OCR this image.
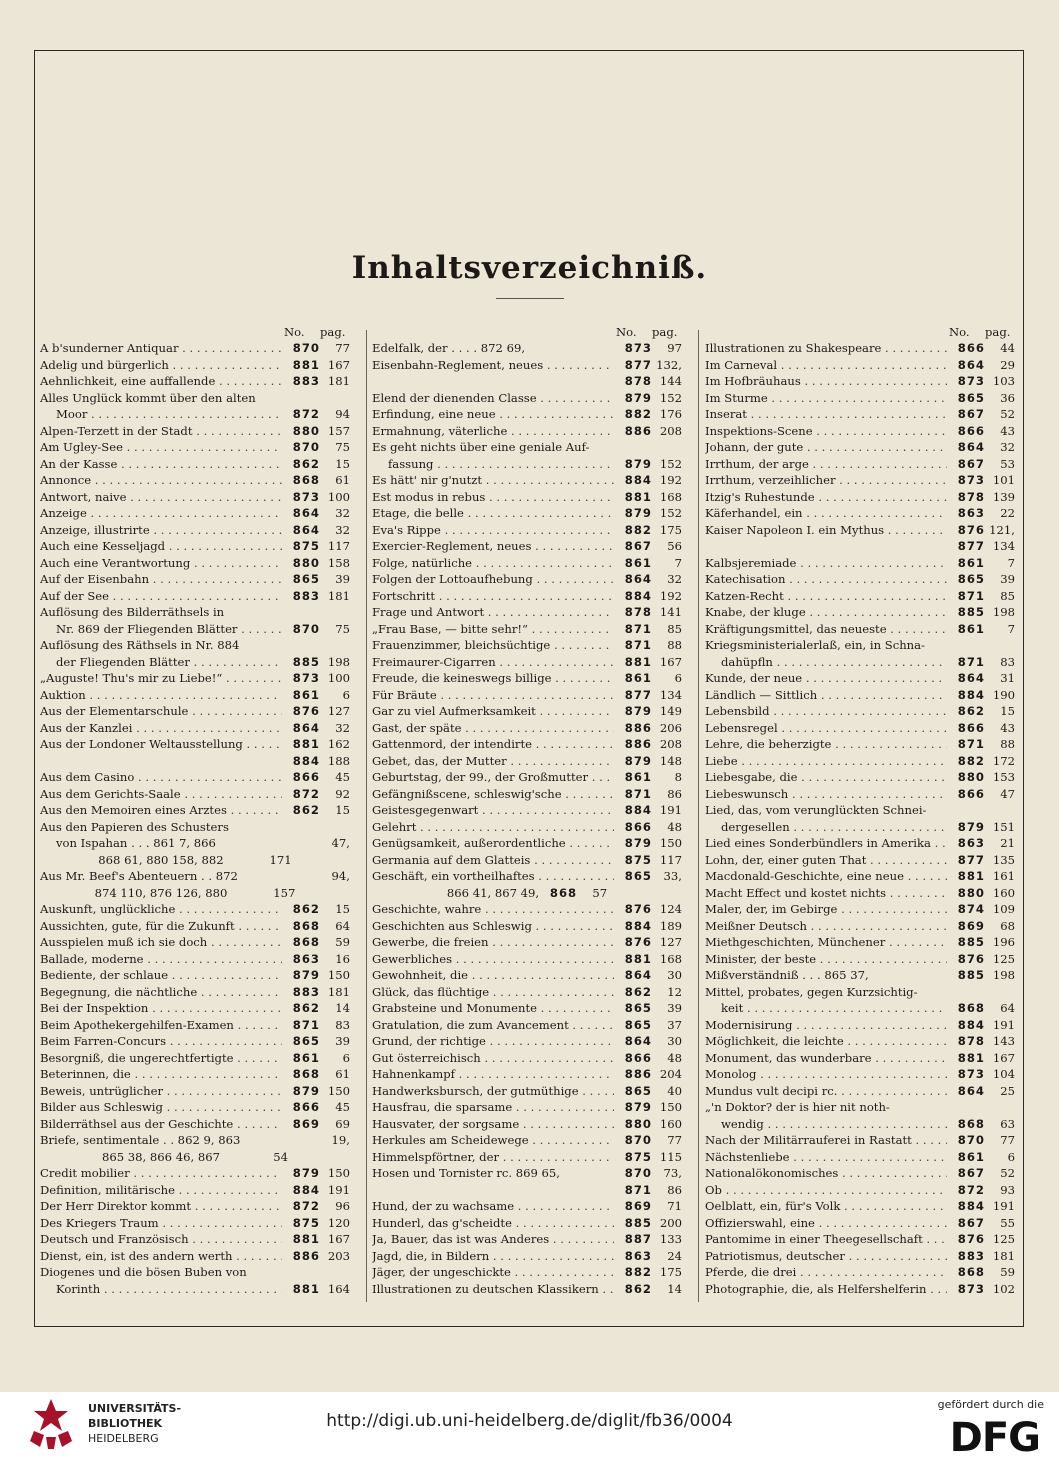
Inhaltsverzeichniß.
No.	pag.
A b'sunderner Antiquar . . .	870	77
Adelig und bürgerlich . . .	881 167
Aehnlichkeit, eine auffallende . . .	883 181
Alles Unglück kommt über den alten
Moor . . .	872	94
Alpen-Terzett in der Stadt . . .	880 157
Am Ugley-See . . .	870	75
An der Kasse . . .	862	15
Annonce . . .	868	61
Antwort, naive . . .	873 100
Anzeige . . .	864	32
Anzeige, illustrirte . . .	864	32
Auch eine Kesseljagd . . .	875 117
Auch eine Verantwortung . . .	880 158
Auf der Eisenbahn . . .	865	39
Auf der See . . .	883 181
Auflösung des Bilderräthsels in
Nr. 869 der Fliegenden Blätter . . .	870	75
Auflösung des Räthsels in Nr. 884
der Fliegenden Blätter . . .	885 198
„Auguste! Thu's mir zu Liebe!“ . . .	873 100
Auktion . . .	861	6
Aus der Elementarschule . . .	876 127
Aus der Kanzlei . . .	864	32
Aus der Londoner Weltausstellung . . .	881 162
884 188
Aus dem Casino . . .	866	45
Aus dem Gerichts-Saale . . .	872	92
Aus den Memoiren eines Arztes . . .	862	15
Aus den Papieren des Schusters
von Ispahan . . . 861 7, 866	47,
868 61, 880 158, 882	171
Aus Mr. Beef's Abenteuern . . 872	94,
874 110, 876 126, 880	157
Auskunft, unglückliche . . .	862	15
Aussichten, gute, für die Zukunft . . .	868	64
Ausspielen muß ich sie doch . . .	868	59
Ballade, moderne . . .	863	16
Bediente, der schlaue . . .	879 150
Begegnung, die nächtliche . . .	883 181
Bei der Inspektion . . .	862	14
Beim Apothekergehilfen-Examen . . .	871	83
Beim Farren-Concurs . . .	865	39
Besorgniß, die ungerechtfertigte . . .	861	6
Beterinnen, die . . .	868	61
Beweis, untrüglicher . . .	879 150
Bilder aus Schleswig . . .	866	45
Bilderräthsel aus der Geschichte . . .	869	69
Briefe, sentimentale . . 862 9, 863	19,
865 38, 866 46, 867	54
Credit mobilier . . .	879 150
Definition, militärische . . .	884 191
Der Herr Direktor kommt . . .	872	96
Des Kriegers Traum . . .	875 120
Deutsch und Französisch . . .	881 167
Dienst, ein, ist des andern werth . . .	886 203
Diogenes und die bösen Buben von
Korinth . . .	881 164
No.	pag.
Edelfalk, der . . . . 872 69,	873	97
Eisenbahn-Reglement, neues . . .	877 132,
878 144
Elend der dienenden Classe . . .	879 152
Erfindung, eine neue . . .	882 176
Ermahnung, väterliche . . .	886 208
Es geht nichts über eine geniale Auf-
fassung . . .	879 152
Es hätt' nir g'nutzt . . .	884 192
Est modus in rebus . . .	881 168
Etage, die belle . . .	879 152
Eva's Rippe . . .	882 175
Exercier-Reglement, neues . . .	867	56
Folge, natürliche . . .	861	7
Folgen der Lottoaufhebung . . .	864	32
Fortschritt . . .	884 192
Frage und Antwort . . .	878 141
„Frau Base, — bitte sehr!“ . . .	871	85
Frauenzimmer, bleichsüchtige . . .	871	88
Freimaurer-Cigarren . . .	881 167
Freude, die keineswegs billige . . .	861	6
Für Bräute . . .	877 134
Gar zu viel Aufmerksamkeit . . .	879 149
Gast, der späte . . .	886 206
Gattenmord, der intendirte . . .	886 208
Gebet, das, der Mutter . . .	879 148
Geburtstag, der 99., der Großmutter . . .	861	8
Gefängnißscene, schleswig'sche . . .	871	86
Geistesgegenwart . . .	884 191
Gelehrt . . .	866	48
Genügsamkeit, außerordentliche . . .	879 150
Germania auf dem Glatteis . . .	875 117
Geschäft, ein vortheilhaftes . . .	865 33,
866 41, 867 49, 868	57
Geschichte, wahre . . .	876 124
Geschichten aus Schleswig . . .	884 189
Gewerbe, die freien . . .	876 127
Gewerbliches . . .	881 168
Gewohnheit, die . . .	864	30
Glück, das flüchtige . . .	862	12
Grabsteine und Monumente . . .	865	39
Gratulation, die zum Avancement . . .	865	37
Grund, der richtige . . .	864	30
Gut österreichisch . . .	866	48
Hahnenkampf . . .	886 204
Handwerksbursch, der gutmüthige . . .	865	40
Hausfrau, die sparsame . . .	879 150
Hausvater, der sorgsame . . .	880 160
Herkules am Scheidewege . . .	870	77
Himmelspförtner, der . . .	875 115
Hosen und Tornister rc. 869 65,	870 73,
871	86
Hund, der zu wachsame . . .	869	71
Hunderl, das g'scheidte . . .	885 200
Ja, Bauer, das ist was Anderes . . .	887 133
Jagd, die, in Bildern . . .	863	24
Jäger, der ungeschickte . . .	882 175
Illustrationen zu deutschen Klassikern . . .	862	14
No.	pag.
Illustrationen zu Shakespeare . . .	866	44
Im Carneval . . .	864	29
Im Hofbräuhaus . . .	873 103
Im Sturme . . .	865	36
Inserat . . .	867	52
Inspektions-Scene . . .	866	43
Johann, der gute . . .	864	32
Irrthum, der arge . . .	867	53
Irrthum, verzeihlicher . . .	873 101
Itzig's Ruhestunde . . .	878 139
Käferhandel, ein . . .	863	22
Kaiser Napoleon I. ein Mythus . . .	876 121,
877 134
Kalbsjeremiade . . .	861	7
Katechisation . . .	865	39
Katzen-Recht . . .	871	85
Knabe, der kluge . . .	885 198
Kräftigungsmittel, das neueste . . .	861	7
Kriegsministerialerlaß, ein, in Schna-
dahüpfln . . .	871	83
Kunde, der neue . . .	864	31
Ländlich — Sittlich . . .	884 190
Lebensbild . . .	862	15
Lebensregel . . .	866	43
Lehre, die beherzigte . . .	871	88
Liebe . . .	882 172
Liebesgabe, die . . .	880 153
Liebeswunsch . . .	866	47
Lied, das, vom verunglückten Schnei-
dergesellen . . .	879 151
Lied eines Sonderbündlers in Amerika . . .	863	21
Lohn, der, einer guten That . . .	877 135
Macdonald-Geschichte, eine neue . . .	881 161
Macht Effect und kostet nichts . . .	880 160
Maler, der, im Gebirge . . .	874 109
Meißner Deutsch . . .	869	68
Miethgeschichten, Münchener . . .	885 196
Minister, der beste . . .	876 125
Mißverständniß . . . 865 37,	885 198
Mittel, probates, gegen Kurzsichtig-
keit . . .	868	64
Modernisirung . . .	884 191
Möglichkeit, die leichte . . .	878 143
Monument, das wunderbare . . .	881 167
Monolog . . .	873 104
Mundus vult decipi rc. . . .	864	25
„'n Doktor? der is hier nit noth-
wendig . . .	868	63
Nach der Militärrauferei in Rastatt . . .	870	77
Nächstenliebe . . .	861	6
Nationalökonomisches . . .	867	52
Ob . . .	872	93
Oelblatt, ein, für's Volk . . .	884 191
Offizierswahl, eine . . .	867	55
Pantomime in einer Theegesellschaft . . .	876 125
Patriotismus, deutscher . . .	883 181
Pferde, die drei . . .	868	59
Photographie, die, als Helfershelferin . . .	873 102
UNIVERSITÄTS-
BIBLIOTHEK
HEIDELBERG
http://digi.ub.uni-heidelberg.de/diglit/fb36/0004
gefördert durch die
DFG
